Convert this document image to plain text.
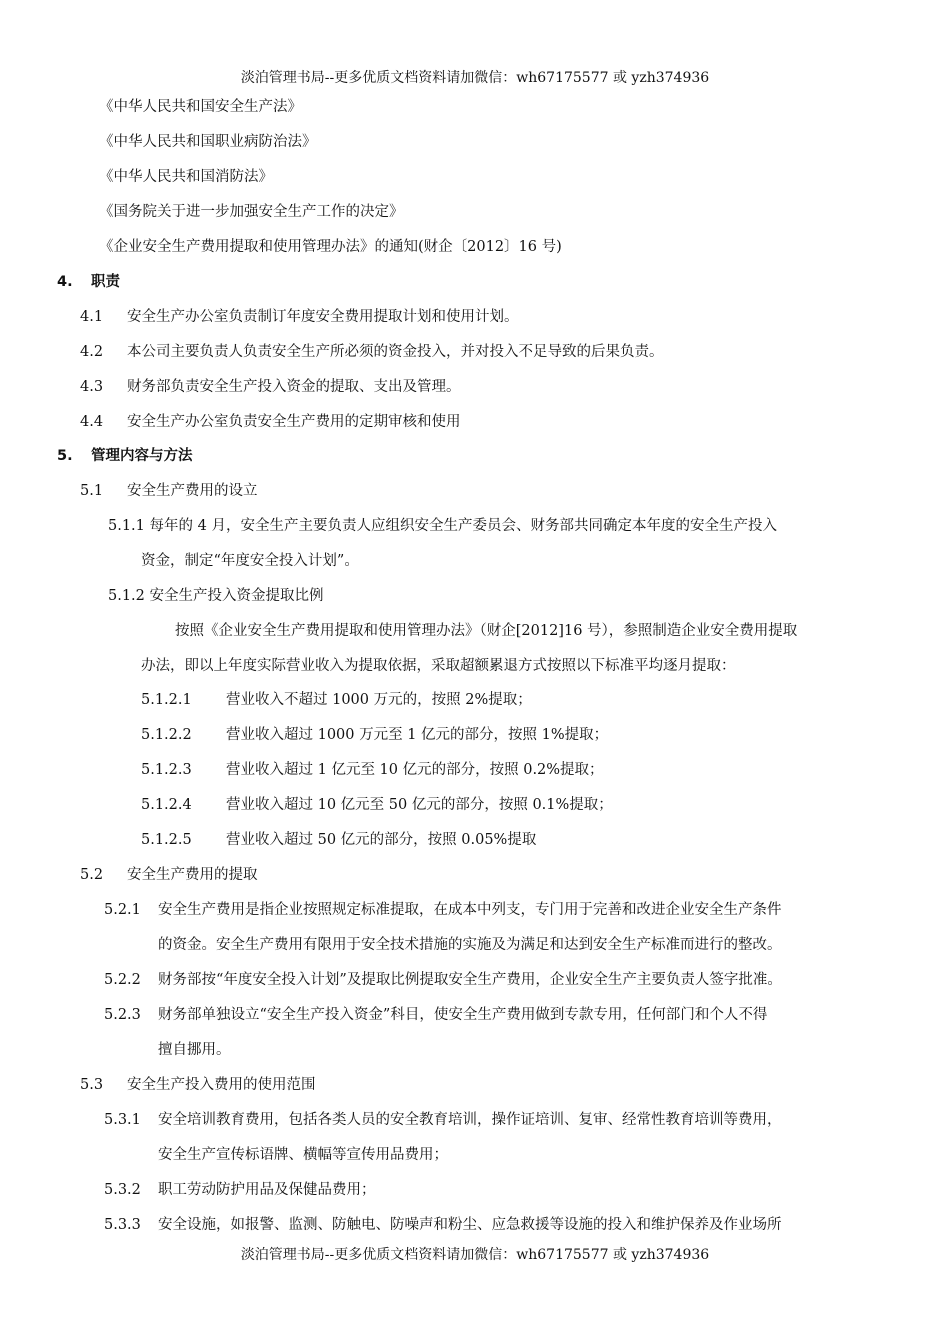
淡泊管理书局--更多优质文档资料请加微信：wh67175577 或 yzh374936
《中华人民共和国安全生产法》
《中华人民共和国职业病防治法》
《中华人民共和国消防法》
《国务院关于进一步加强安全生产工作的决定》
《企业安全生产费用提取和使用管理办法》的通知(财企〔2012〕16 号)
4. 职责
4.1 安全生产办公室负责制订年度安全费用提取计划和使用计划。
4.2 本公司主要负责人负责安全生产所必须的资金投入，并对投入不足导致的后果负责。
4.3 财务部负责安全生产投入资金的提取、支出及管理。
4.4 安全生产办公室负责安全生产费用的定期审核和使用
5. 管理内容与方法
5.1 安全生产费用的设立
5.1.1 每年的 4 月，安全生产主要负责人应组织安全生产委员会、财务部共同确定本年度的安全生产投入
资金，制定“年度安全投入计划”。
5.1.2 安全生产投入资金提取比例
按照《企业安全生产费用提取和使用管理办法》（财企[2012]16 号），参照制造企业安全费用提取
办法，即以上年度实际营业收入为提取依据，采取超额累退方式按照以下标准平均逐月提取：
5.1.2.1 营业收入不超过 1000 万元的，按照 2%提取；
5.1.2.2 营业收入超过 1000 万元至 1 亿元的部分，按照 1%提取；
5.1.2.3 营业收入超过 1 亿元至 10 亿元的部分，按照 0.2%提取；
5.1.2.4 营业收入超过 10 亿元至 50 亿元的部分，按照 0.1%提取；
5.1.2.5 营业收入超过 50 亿元的部分，按照 0.05%提取
5.2 安全生产费用的提取
5.2.1 安全生产费用是指企业按照规定标准提取，在成本中列支，专门用于完善和改进企业安全生产条件
的资金。安全生产费用有限用于安全技术措施的实施及为满足和达到安全生产标准而进行的整改。
5.2.2 财务部按“年度安全投入计划”及提取比例提取安全生产费用，企业安全生产主要负责人签字批准。
5.2.3 财务部单独设立“安全生产投入资金”科目，使安全生产费用做到专款专用，任何部门和个人不得
擅自挪用。
5.3 安全生产投入费用的使用范围
5.3.1 安全培训教育费用，包括各类人员的安全教育培训，操作证培训、复审、经常性教育培训等费用，
安全生产宣传标语牌、横幅等宣传用品费用；
5.3.2 职工劳动防护用品及保健品费用；
5.3.3 安全设施，如报警、监测、防触电、防噪声和粉尘、应急救援等设施的投入和维护保养及作业场所
淡泊管理书局--更多优质文档资料请加微信：wh67175577 或 yzh374936
